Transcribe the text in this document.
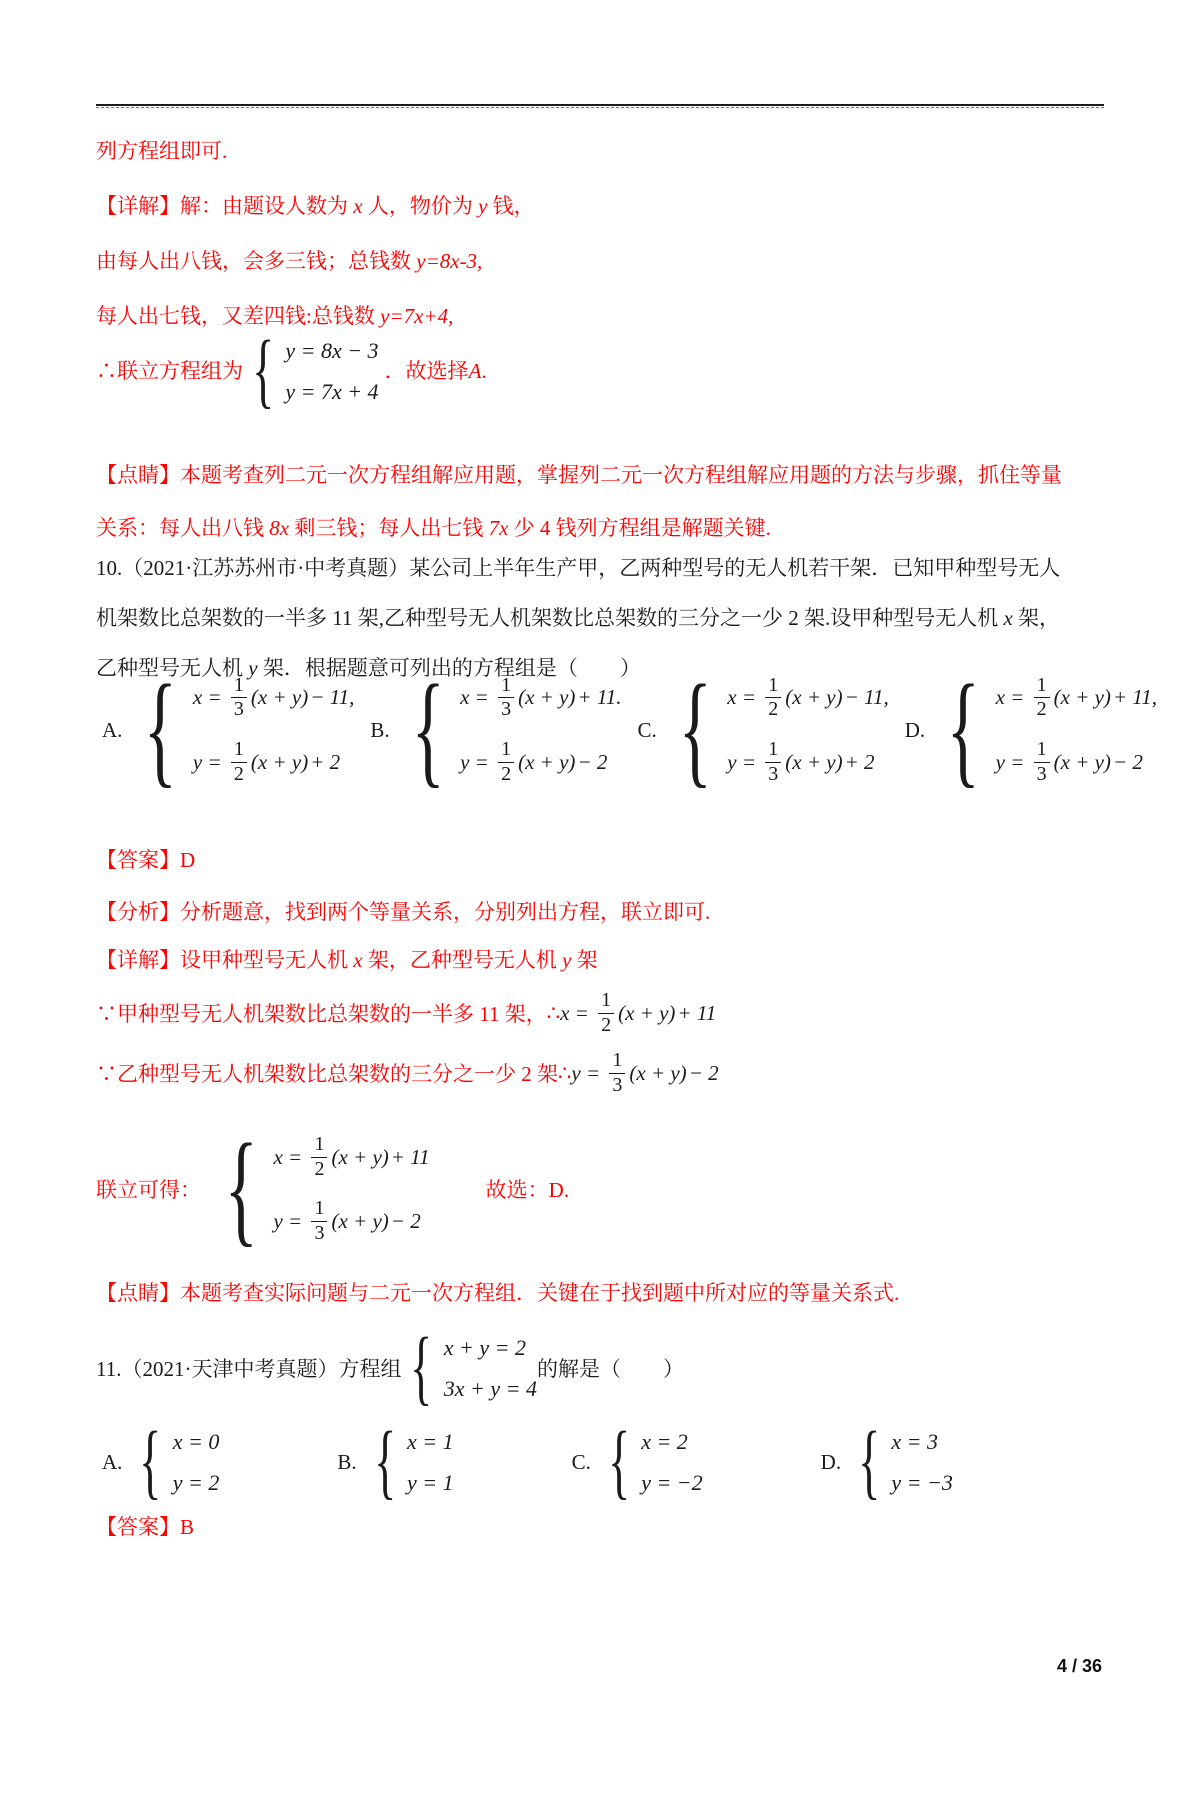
列方程组即可.
【详解】解：由题设人数为 x 人，物价为 y 钱，
由每人出八钱，会多三钱；总钱数 y=8x-3,
每人出七钱，又差四钱:总钱数 y=7x+4,
∴联立方程组为 { y = 8x − 3
y = 7x + 4
．故选择 A .
【点睛】本题考查列二元一次方程组解应用题，掌握列二元一次方程组解应用题的方法与步骤，抓住等量
关系：每人出八钱 8x 剩三钱；每人出七钱 7x 少 4 钱列方程组是解题关键.
10.（2021·江苏苏州市·中考真题）某公司上半年生产甲，乙两种型号的无人机若干架．已知甲种型号无人
机架数比总架数的一半多 11 架,乙种型号无人机架数比总架数的三分之一少 2 架.设甲种型号无人机 x 架，
乙种型号无人机 y 架．根据题意可列出的方程组是（　　）
A. { $x = \frac{1}{3} (x + y) - 11$,
$y = \frac{1}{2} (x + y) + 2$
B. { $x = \frac{1}{3} (x + y) + 11$.
$y = \frac{1}{2} (x + y) - 2$
C. { $x = \frac{1}{2} (x + y) - 11$,
$y = \frac{1}{3} (x + y) + 2$
D. { $x = \frac{1}{2} (x + y) + 11$,
$y = \frac{1}{3} (x + y) - 2$
【答案】D
【分析】分析题意，找到两个等量关系，分别列出方程，联立即可.
【详解】设甲种型号无人机 x 架，乙种型号无人机 y 架
∵甲种型号无人机架数比总架数的一半多 11 架， ∴ $x = \frac{1}{2} (x + y) + 11$
∵乙种型号无人机架数比总架数的三分之一少 2 架 ∴ $y = \frac{1}{3} (x + y) - 2$
联立可得： { $x = \frac{1}{2} (x + y) + 11$
$y = \frac{1}{3} (x + y) - 2$
故选：D.
【点睛】本题考查实际问题与二元一次方程组．关键在于找到题中所对应的等量关系式.
11.（2021·天津中考真题）方程组 { x + y = 2
3x + y = 4
的解是（　　）
A. { x = 0
y = 2
B. { x = 1
y = 1
C. { x = 2
y = −2
D. { x = 3
y = −3
【答案】B
4 / 36
